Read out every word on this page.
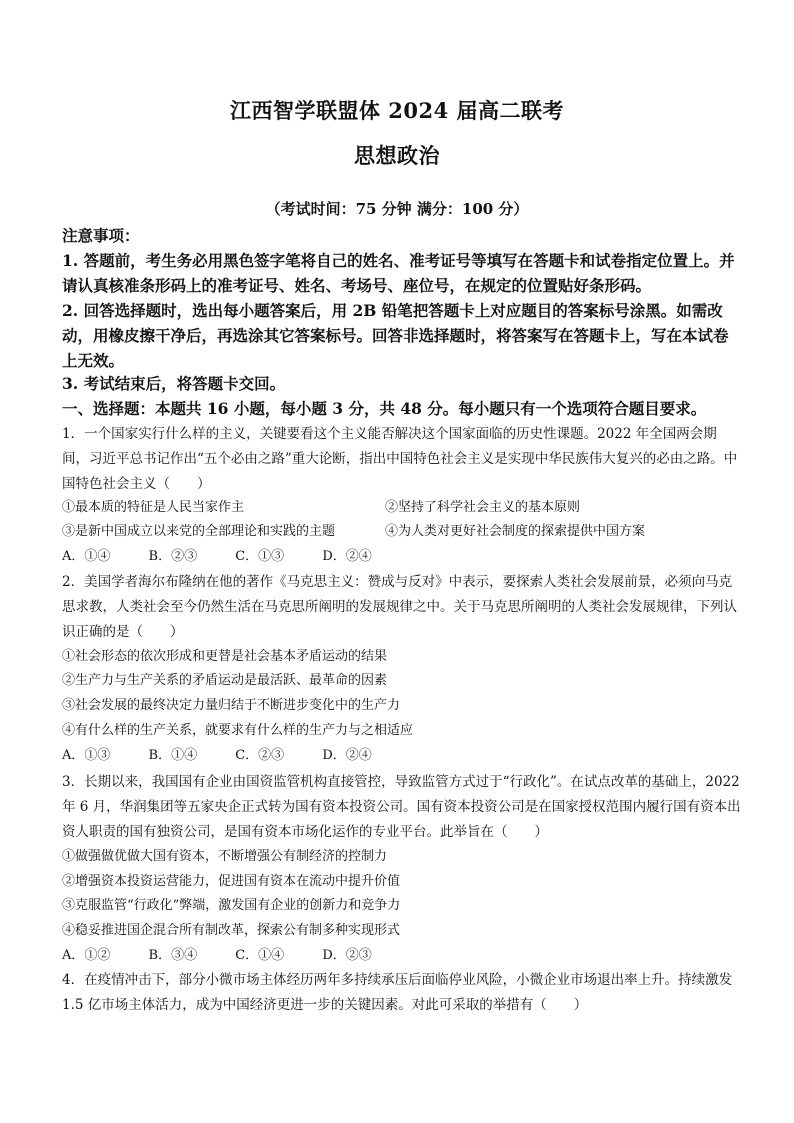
江西智学联盟体 2024 届高二联考
思想政治
（考试时间：75 分钟 满分：100 分）
注意事项：
1. 答题前，考生务必用黑色签字笔将自己的姓名、准考证号等填写在答题卡和试卷指定位置上。并请认真核准条形码上的准考证号、姓名、考场号、座位号，在规定的位置贴好条形码。
2. 回答选择题时，选出每小题答案后，用 2B 铅笔把答题卡上对应题目的答案标号涂黑。如需改动，用橡皮擦干净后，再选涂其它答案标号。回答非选择题时，将答案写在答题卡上，写在本试卷上无效。
3. 考试结束后，将答题卡交回。
一、选择题：本题共 16 小题，每小题 3 分，共 48 分。每小题只有一个选项符合题目要求。
1．一个国家实行什么样的主义，关键要看这个主义能否解决这个国家面临的历史性课题。2022 年全国两会期间，习近平总书记作出“五个必由之路”重大论断，指出中国特色社会主义是实现中华民族伟大复兴的必由之路。中国特色社会主义（　　）
①最本质的特征是人民当家作主	②坚持了科学社会主义的基本原则
③是新中国成立以来党的全部理论和实践的主题	④为人类对更好社会制度的探索提供中国方案
A．①④	B．②③	C．①③	D．②④
2．美国学者海尔布隆纳在他的著作《马克思主义：赞成与反对》中表示，要探索人类社会发展前景，必须向马克思求教，人类社会至今仍然生活在马克思所阐明的发展规律之中。关于马克思所阐明的人类社会发展规律，下列认识正确的是（　　）
①社会形态的依次形成和更替是社会基本矛盾运动的结果
②生产力与生产关系的矛盾运动是最活跃、最革命的因素
③社会发展的最终决定力量归结于不断进步变化中的生产力
④有什么样的生产关系，就要求有什么样的生产力与之相适应
A．①③	B．①④	C．②③	D．②④
3．长期以来，我国国有企业由国资监管机构直接管控，导致监管方式过于“行政化”。在试点改革的基础上，2022 年 6 月，华润集团等五家央企正式转为国有资本投资公司。国有资本投资公司是在国家授权范围内履行国有资本出资人职责的国有独资公司，是国有资本市场化运作的专业平台。此举旨在（　　）
①做强做优做大国有资本，不断增强公有制经济的控制力
②增强资本投资运营能力，促进国有资本在流动中提升价值
③克服监管“行政化”弊端，激发国有企业的创新力和竞争力
④稳妥推进国企混合所有制改革，探索公有制多种实现形式
A．①②	B．③④	C．①④	D．②③
4．在疫情冲击下，部分小微市场主体经历两年多持续承压后面临停业风险，小微企业市场退出率上升。持续激发 1.5 亿市场主体活力，成为中国经济更进一步的关键因素。对此可采取的举措有（　　）
